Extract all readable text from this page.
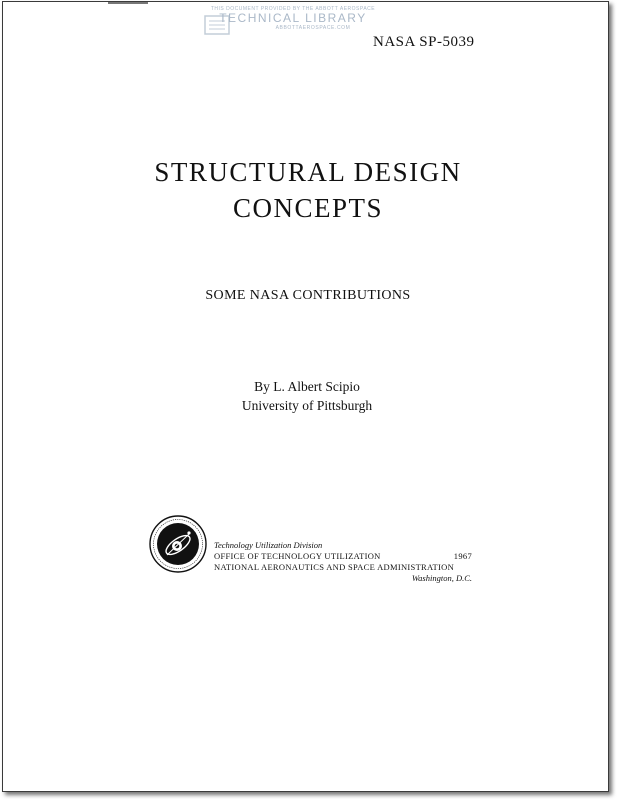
THIS DOCUMENT PROVIDED BY THE ABBOTT AEROSPACE
TECHNICAL LIBRARY
ABBOTTAEROSPACE.COM
NASA SP-5039
STRUCTURAL DESIGN
CONCEPTS
SOME NASA CONTRIBUTIONS
By L. Albert Scipio
University of Pittsburgh
Technology Utilization Division
OFFICE OF TECHNOLOGY UTILIZATION	1967
NATIONAL AERONAUTICS AND SPACE ADMINISTRATION
Washington, D.C.
